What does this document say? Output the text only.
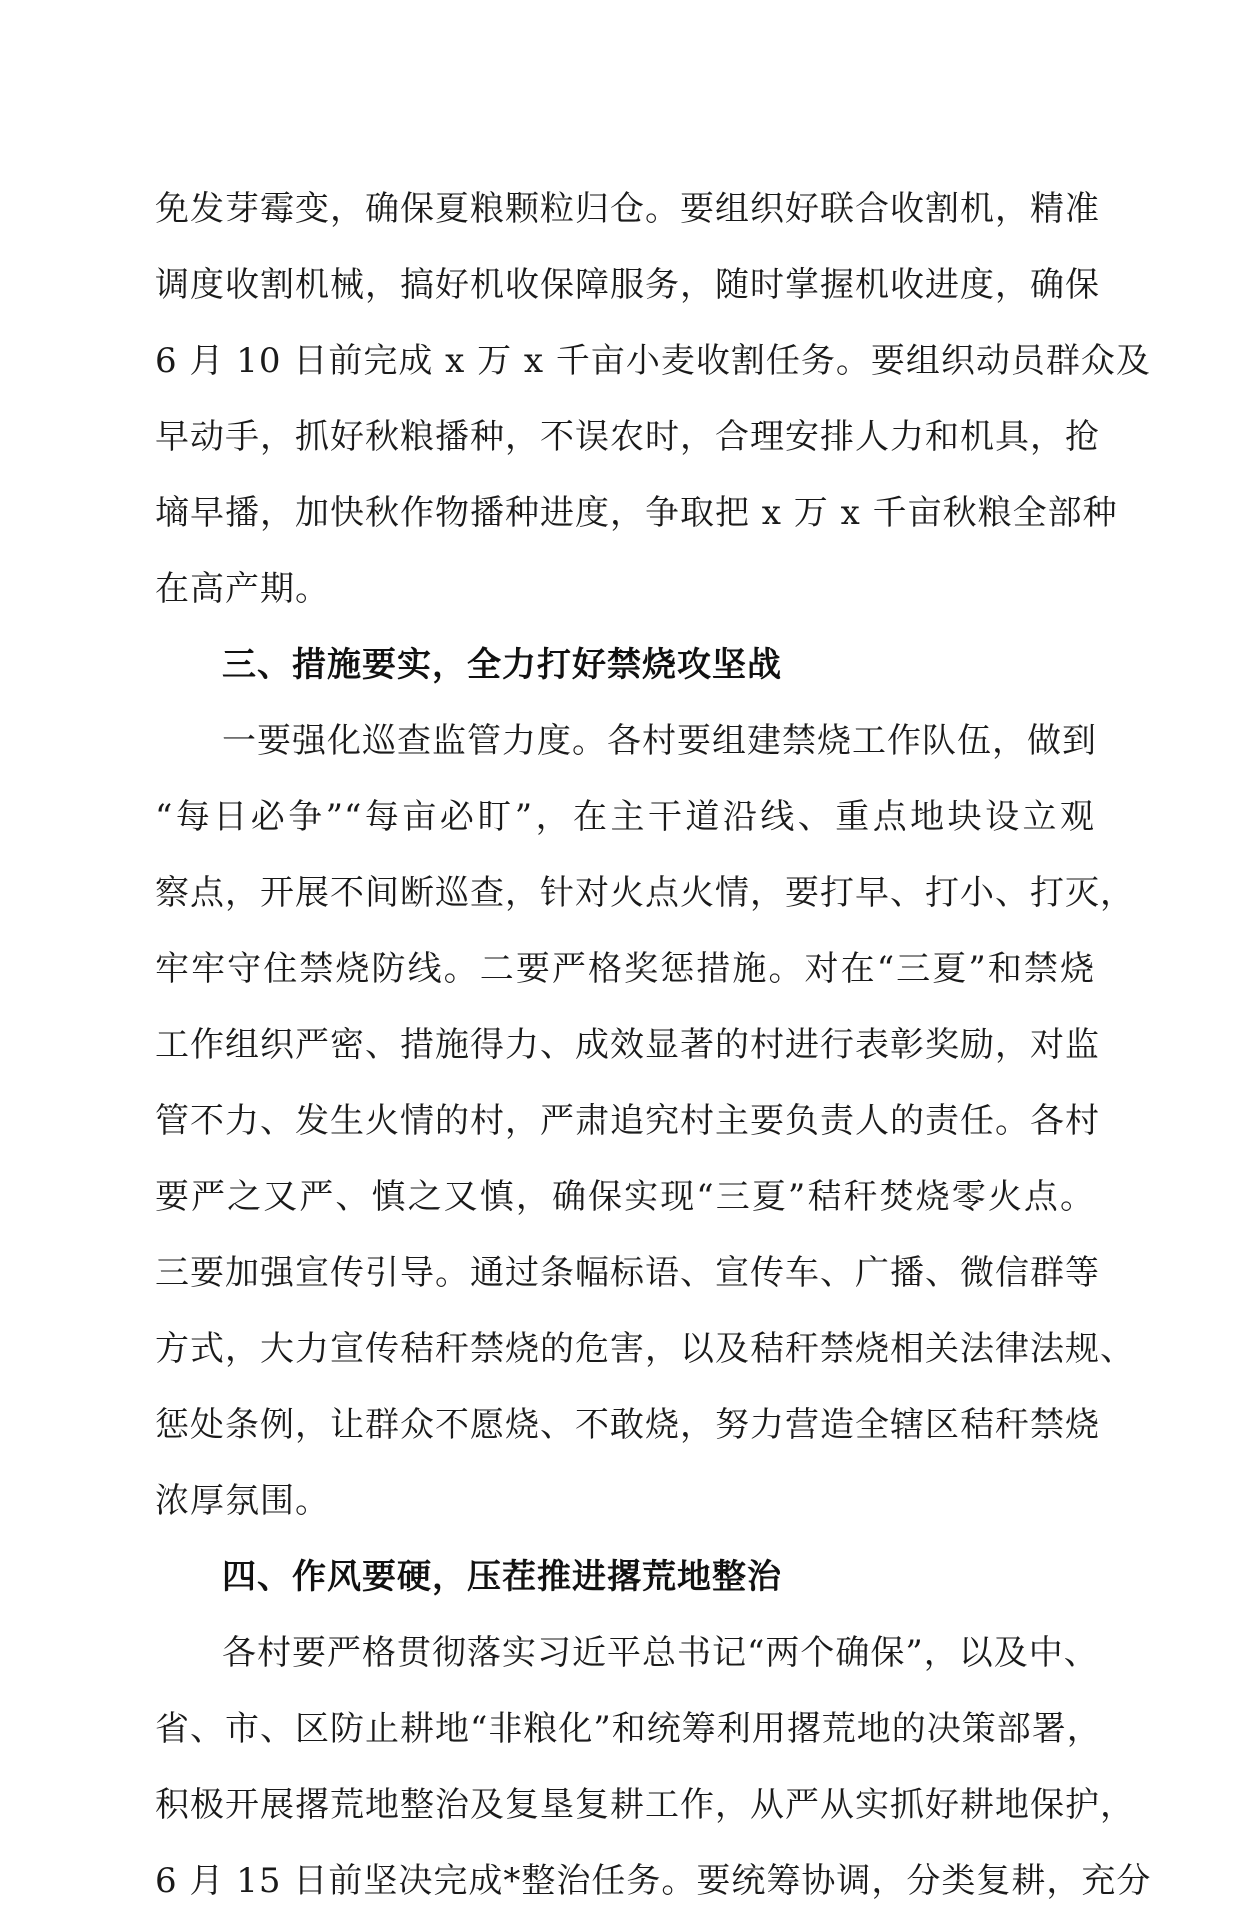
免发芽霉变，确保夏粮颗粒归仓。要组织好联合收割机，精准
调度收割机械，搞好机收保障服务，随时掌握机收进度，确保
6 月 10 日前完成 x 万 x 千亩小麦收割任务。要组织动员群众及
早动手，抓好秋粮播种，不误农时，合理安排人力和机具，抢
墒早播，加快秋作物播种进度，争取把 x 万 x 千亩秋粮全部种
在高产期。
三、措施要实，全力打好禁烧攻坚战
一要强化巡查监管力度。各村要组建禁烧工作队伍，做到
“每日必争”“每亩必盯”，在主干道沿线、重点地块设立观
察点，开展不间断巡查，针对火点火情，要打早、打小、打灭，
牢牢守住禁烧防线。二要严格奖惩措施。对在“三夏”和禁烧
工作组织严密、措施得力、成效显著的村进行表彰奖励，对监
管不力、发生火情的村，严肃追究村主要负责人的责任。各村
要严之又严、慎之又慎，确保实现“三夏”秸秆焚烧零火点。
三要加强宣传引导。通过条幅标语、宣传车、广播、微信群等
方式，大力宣传秸秆禁烧的危害，以及秸秆禁烧相关法律法规、
惩处条例，让群众不愿烧、不敢烧，努力营造全辖区秸秆禁烧
浓厚氛围。
四、作风要硬，压茬推进撂荒地整治
各村要严格贯彻落实习近平总书记“两个确保”，以及中、
省、市、区防止耕地“非粮化”和统筹利用撂荒地的决策部署，
积极开展撂荒地整治及复垦复耕工作，从严从实抓好耕地保护，
6 月 15 日前坚决完成*整治任务。要统筹协调，分类复耕，充分
